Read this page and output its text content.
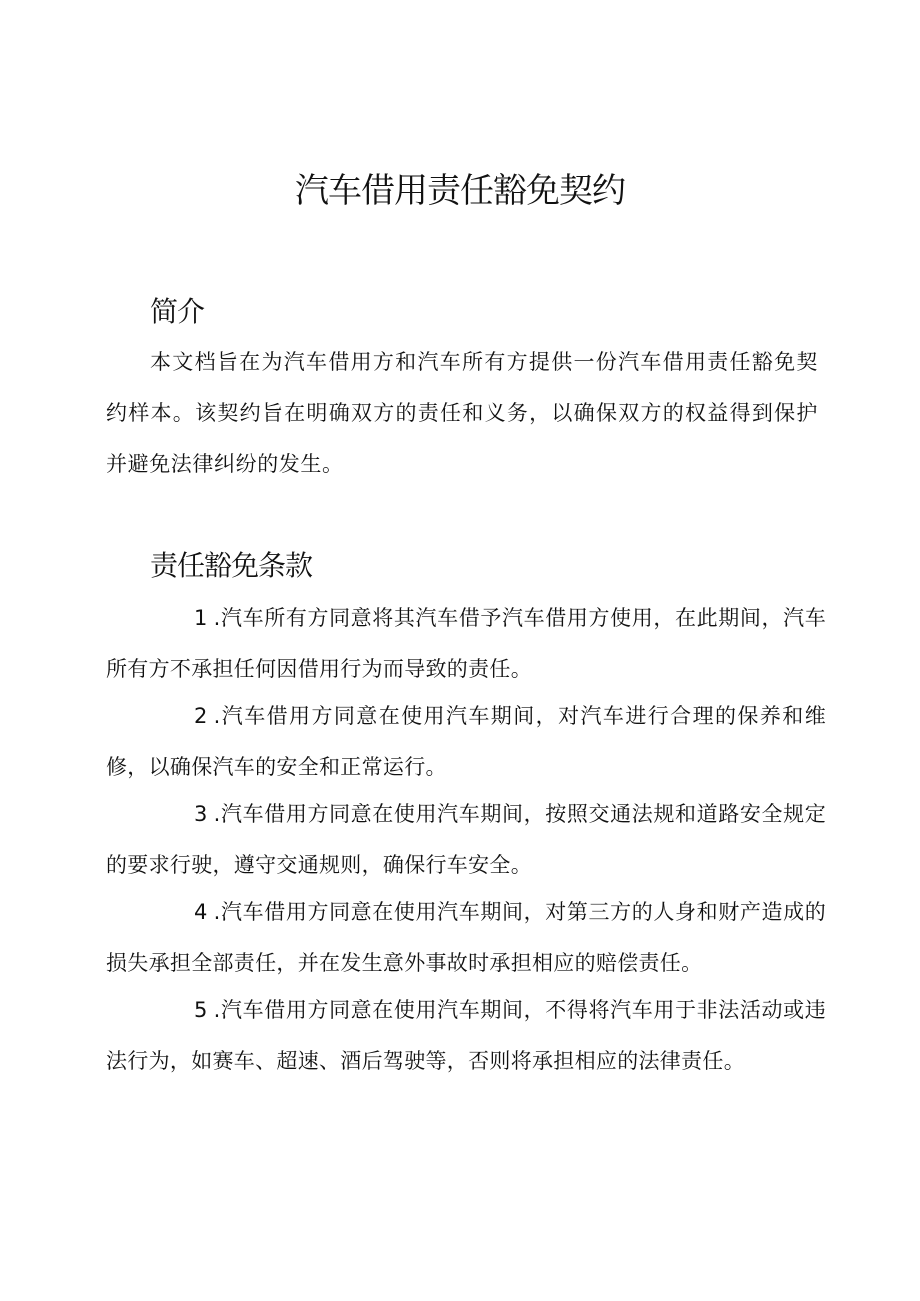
汽车借用责任豁免契约
简介

本文档旨在为汽车借用方和汽车所有方提供一份汽车借用责任豁免契约样本。该契约旨在明确双方的责任和义务，以确保双方的权益得到保护并避免法律纠纷的发生。

责任豁免条款

1 .汽车所有方同意将其汽车借予汽车借用方使用，在此期间，汽车所有方不承担任何因借用行为而导致的责任。

2 .汽车借用方同意在使用汽车期间，对汽车进行合理的保养和维修，以确保汽车的安全和正常运行。

3 .汽车借用方同意在使用汽车期间，按照交通法规和道路安全规定的要求行驶，遵守交通规则，确保行车安全。

4 .汽车借用方同意在使用汽车期间，对第三方的人身和财产造成的损失承担全部责任，并在发生意外事故时承担相应的赔偿责任。

5 .汽车借用方同意在使用汽车期间，不得将汽车用于非法活动或违法行为，如赛车、超速、酒后驾驶等，否则将承担相应的法律责任。
